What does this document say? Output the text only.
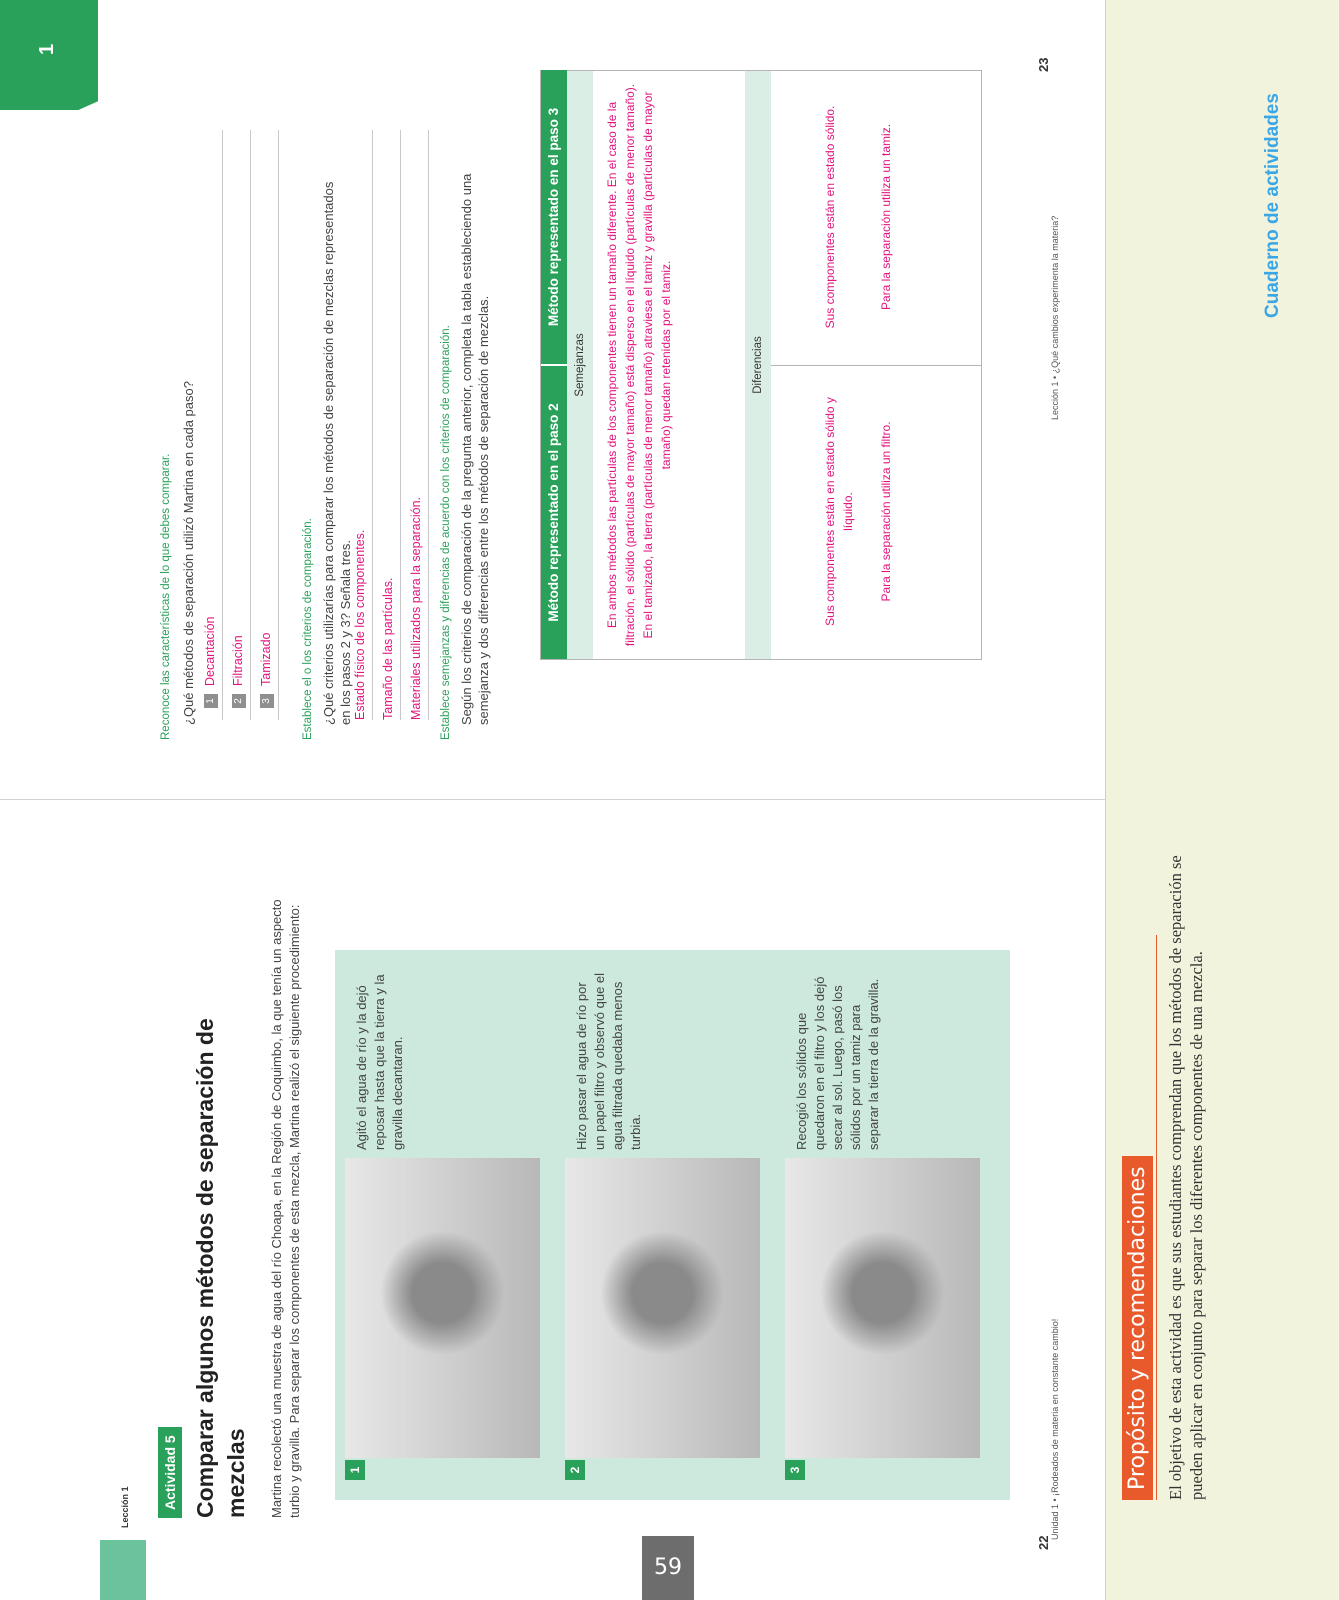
Lección 1 Actividad 5 Comparar algunos métodos de separación de mezclas Martina recolectó una muestra de agua del río Choapa, en la Región de Coquimbo, la que tenía un aspecto turbio y gravilla. Para separar los componentes de esta mezcla, Martina realizó el siguiente procedimiento:	1
Agitó el agua de río y la dejó reposar hasta que la tierra y la gravilla decantaran.
2
Hizo pasar el agua de río por un papel filtro y observó que el agua filtrada quedaba menos turbia.
3
Recogió los sólidos que quedaron en el filtro y los dejó secar al sol. Luego, pasó los sólidos por un tamiz para separar la tierra de la gravilla.
22
Unidad 1 • ¡Rodeados de materia en constante cambio!
1
Reconoce las características de lo que debes comparar. ¿Qué métodos de separación utilizó Martina en cada paso? 1
Decantación
2
Filtración
3
Tamizado	Establece el o los criterios de comparación. ¿Qué criterios utilizarías para comparar los métodos de separación de mezclas representados en los pasos 2 y 3? Señala tres. Estado físico de los componentes. Tamaño de las partículas. Materiales utilizados para la separación. Establece semejanzas y diferencias de acuerdo con los criterios de comparación. Según los criterios de comparación de la pregunta anterior, completa la tabla estableciendo una semejanza y dos diferencias entre los métodos de separación de mezclas.	Método representado en el paso 2
Método representado en el paso 3
Semejanzas	En ambos métodos las partículas de los componentes tienen un tamaño diferente. En el caso de la filtración, el sólido (partículas de mayor tamaño) está disperso en el líquido (partículas de menor tamaño). En el tamizado, la tierra (partículas de menor tamaño) atraviesa el tamiz y gravilla (partículas de mayor tamaño) quedan retenidas por el tamiz.	Diferencias
Sus componentes están en estado sólido y líquido. Para la separación utiliza un filtro.
Sus componentes están en estado sólido.	Para la separación utiliza un tamiz.	Lección 1 • ¿Qué cambios experimenta la materia?
23
Propósito y recomendaciones El objetivo de esta actividad es que sus estudiantes comprendan que los métodos de separación se pueden aplicar en conjunto para separar los diferentes componentes de una mezcla.
Cuaderno de actividades
59
